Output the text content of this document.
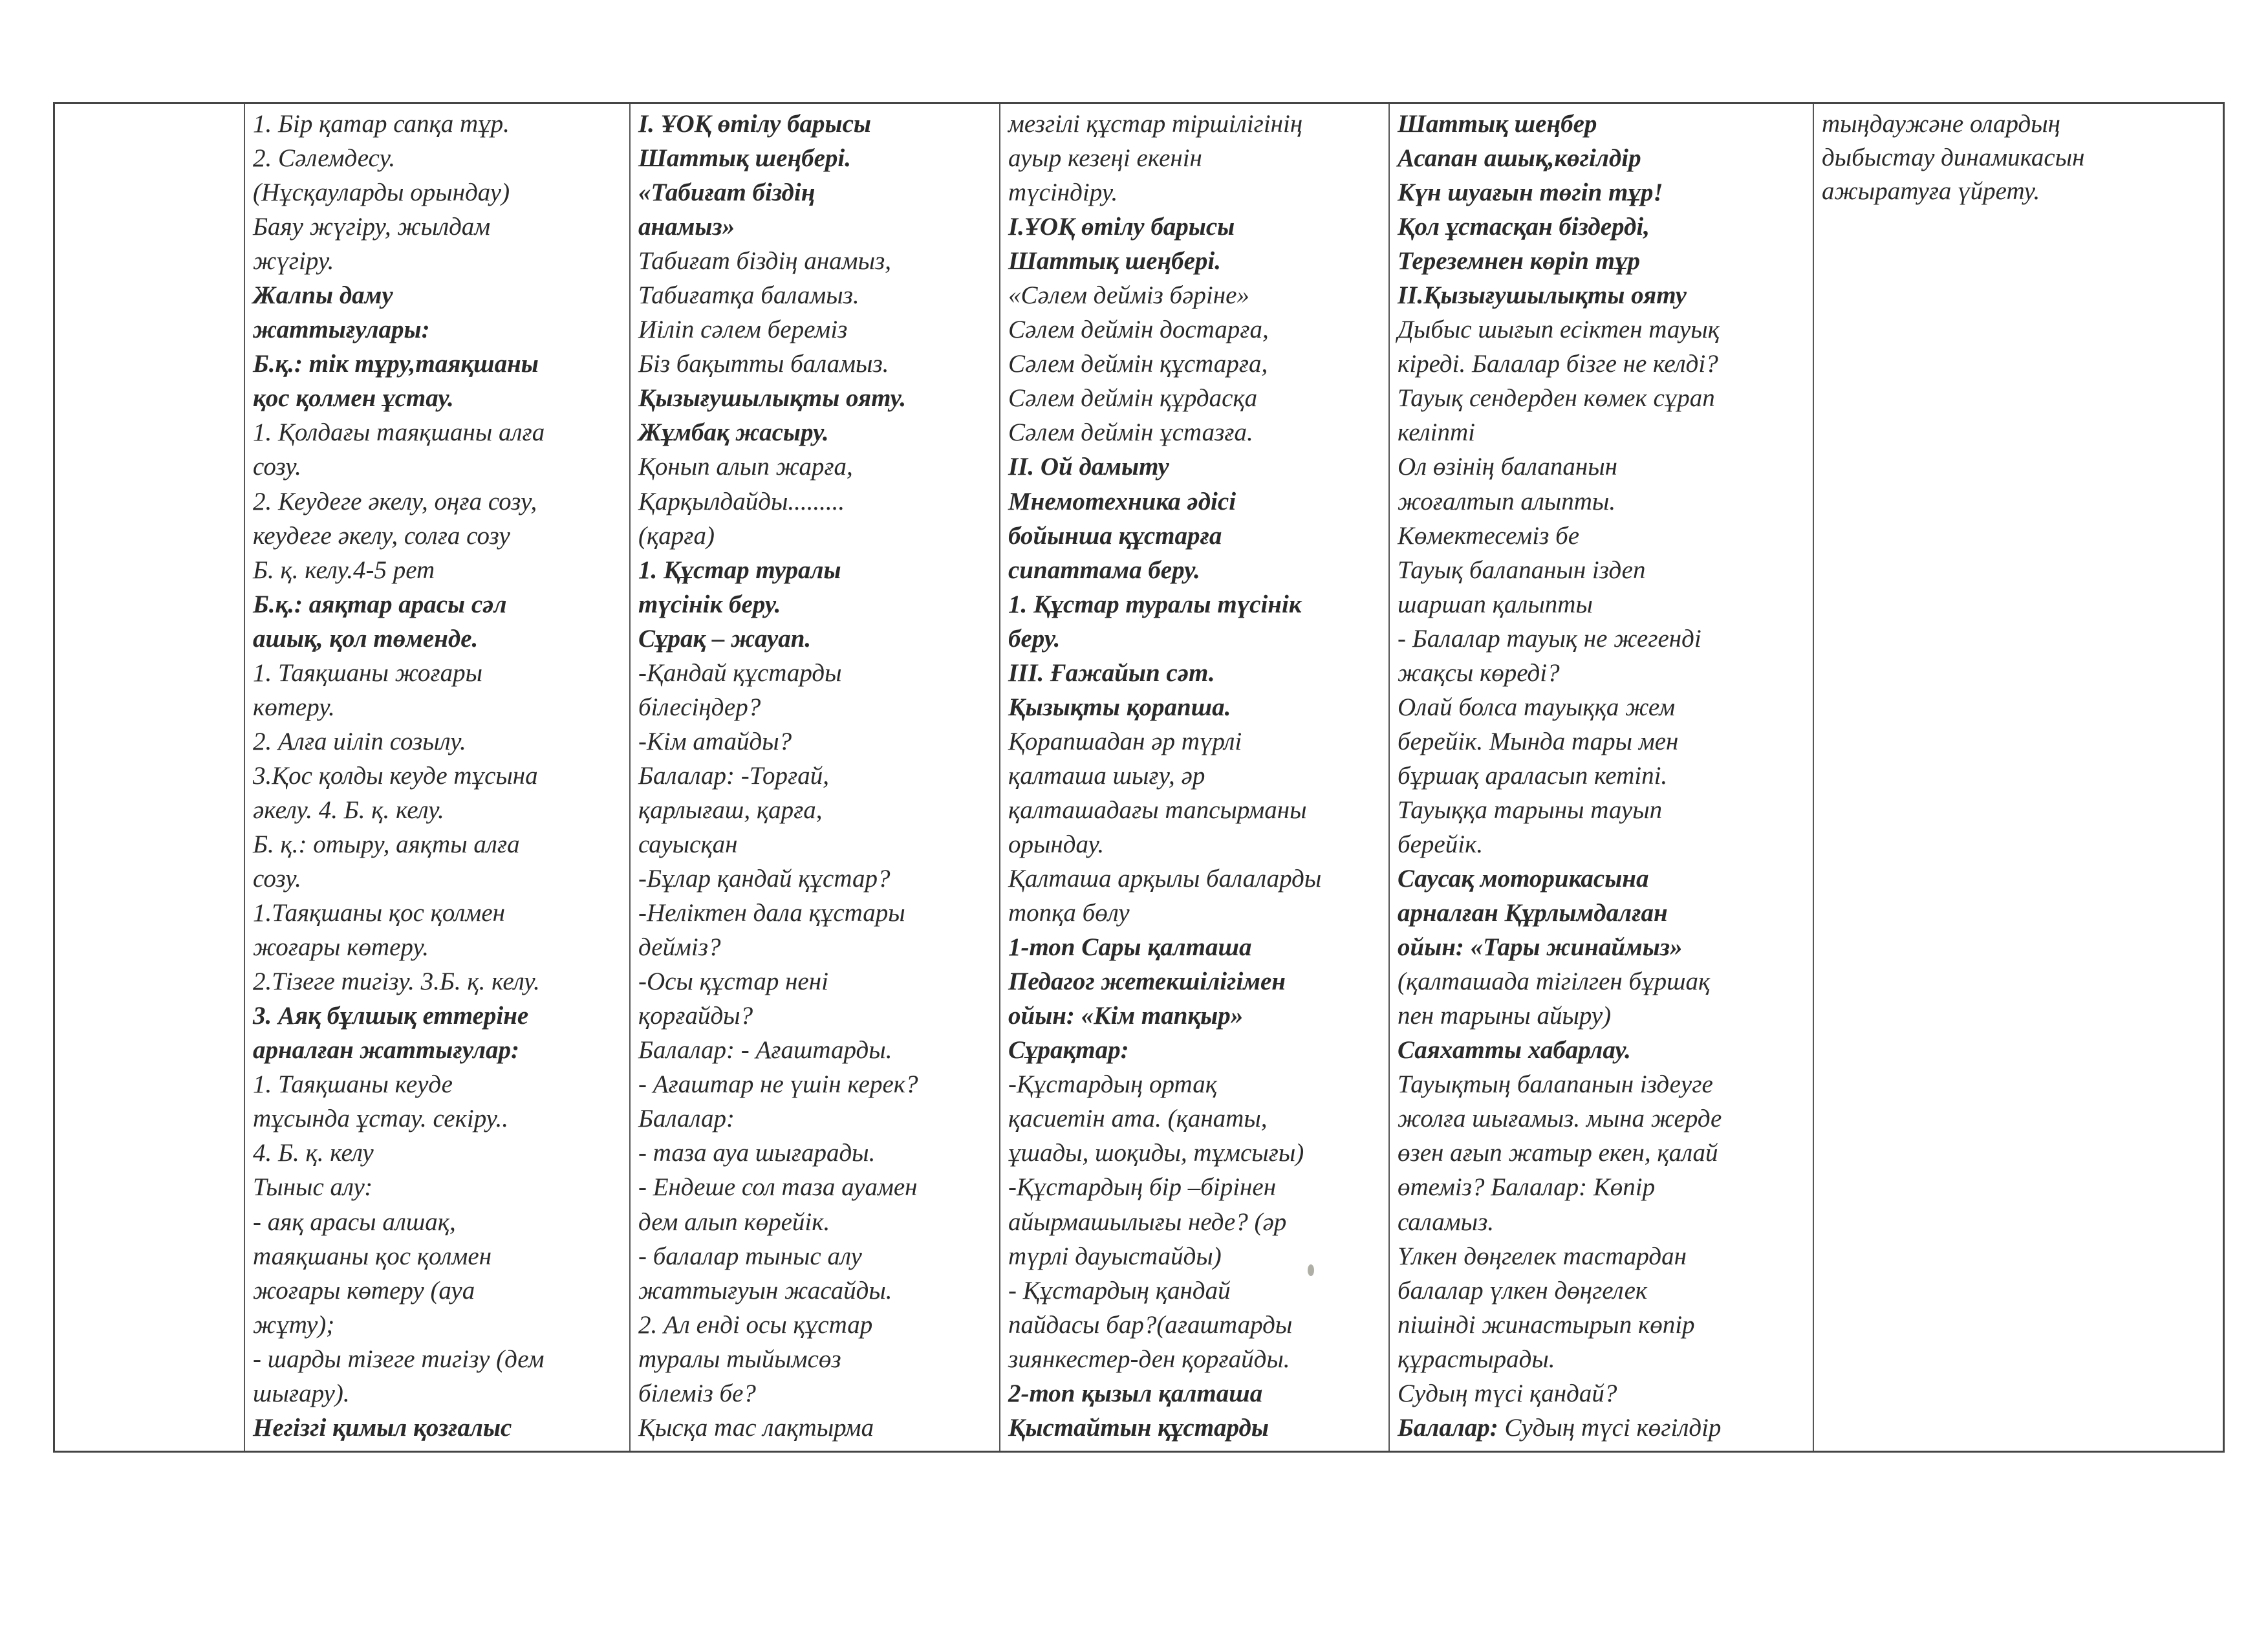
1. Бір қатар сапқа тұр.
2. Сәлемдесу.
(Нұсқауларды орындау)
Баяу жүгіру, жылдам
жүгіру.
Жалпы даму
жаттығулары:
Б.қ.: тік тұру,таяқшаны
қос қолмен ұстау.
1. Қолдағы таяқшаны алға
созу.
2. Кеудеге әкелу, оңға созу,
кеудеге әкелу, солға созу
Б. қ. келу.4-5 рет
Б.қ.: аяқтар арасы сәл
ашық, қол төменде.
1. Таяқшаны жоғары
көтеру.
2. Алға иіліп созылу.
3.Қос қолды кеуде тұсына
әкелу. 4. Б. қ. келу.
Б. қ.: отыру, аяқты алға
созу.
1.Таяқшаны қос қолмен
жоғары көтеру.
2.Тізеге тигізу. 3.Б. қ. келу.
3. Аяқ бұлшық еттеріне
арналған жаттығулар:
1. Таяқшаны кеуде
тұсында ұстау. секіру..
4. Б. қ. келу
Тыныс алу:
- аяқ арасы алшақ,
таяқшаны қос қолмен
жоғары көтеру (ауа
жұту);
- шарды тізеге тигізу (дем
шығару).
Негізгі қимыл қозғалыс
І. ҰОҚ өтілу барысы
Шаттық шеңбері.
«Табиғат біздің
анамыз»
Табиғат біздің анамыз,
Табиғатқа баламыз.
Иіліп сәлем береміз
Біз бақытты баламыз.
Қызығушылықты ояту.
Жұмбақ жасыру.
Қонып алып жарға,
Қарқылдайды.........
(қарға)
1. Құстар туралы
түсінік беру.
Сұрақ – жауап.
-Қандай құстарды
білесіңдер?
-Кім атайды?
Балалар: -Торғай,
қарлығаш, қарға,
сауысқан
-Бұлар қандай құстар?
-Неліктен дала құстары
дейміз?
-Осы құстар нені
қорғайды?
Балалар: - Ағаштарды.
- Ағаштар не үшін керек?
Балалар:
- таза ауа шығарады.
- Ендеше сол таза ауамен
дем алып көрейік.
- балалар тыныс алу
жаттығуын жасайды.
2. Ал енді осы құстар
туралы тыйымсөз
білеміз бе?
Қысқа тас лақтырма
мезгілі құстар тіршілігінің
ауыр кезеңі екенін
түсіндіру.
І.ҰОҚ өтілу барысы
Шаттық шеңбері.
«Сәлем дейміз бәріне»
Сәлем деймін достарға,
Сәлем деймін құстарға,
Сәлем деймін құрдасқа
Сәлем деймін ұстазға.
ІІ. Ой дамыту
Мнемотехника әдісі
бойынша құстарға
сипаттама беру.
1. Құстар туралы түсінік
беру.
ІІІ. Ғажайып сәт.
Қызықты қорапша.
Қорапшадан әр түрлі
қалташа шығу, әр
қалташадағы тапсырманы
орындау.
Қалташа арқылы балаларды
топқа бөлу
1-топ Сары қалташа
Педагог жетекшілігімен
ойын: «Кім тапқыр»
Сұрақтар:
-Құстардың ортақ
қасиетін ата. (қанаты,
ұшады, шоқиды, тұмсығы)
-Құстардың бір –бірінен
айырмашылығы неде? (әр
түрлі дауыстайды)
- Құстардың қандай
пайдасы бар?(ағаштарды
зиянкестер-ден қорғайды.
2-топ қызыл қалташа
Қыстайтын құстарды
Шаттық шеңбер
Асапан ашық,көгілдір
Күн шуағын төгіп тұр!
Қол ұстасқан біздерді,
Тереземнен көріп тұр
ІІ.Қызығушылықты ояту
Дыбыс шығып есіктен тауық
кіреді. Балалар бізге не келді?
Тауық сендерден көмек сұрап
келіпті
Ол өзінің балапанын
жоғалтып алыпты.
Көмектесеміз бе
Тауық балапанын іздеп
шаршап қалыпты
- Балалар тауық не жегенді
жақсы көреді?
Олай болса тауыққа жем
берейік. Мында тары мен
бұршақ араласып кетіпі.
Тауыққа тарыны тауып
берейік.
Саусақ моторикасына
арналған Құрлымдалған
ойын: «Тары жинаймыз»
(қалташада тігілген бұршақ
пен тарыны айыру)
Саяхатты хабарлау.
Тауықтың балапанын іздеуге
жолға шығамыз. мына жерде
өзен ағып жатыр екен, қалай
өтеміз? Балалар: Көпір
саламыз.
Үлкен дөңгелек тастардан
балалар үлкен дөңгелек
пішінді жинастырып көпір
құрастырады.
Судың түсі қандай?
Балалар: Судың түсі көгілдір
тыңдаужәне олардың
дыбыстау динамикасын
ажыратуға үйрету.
